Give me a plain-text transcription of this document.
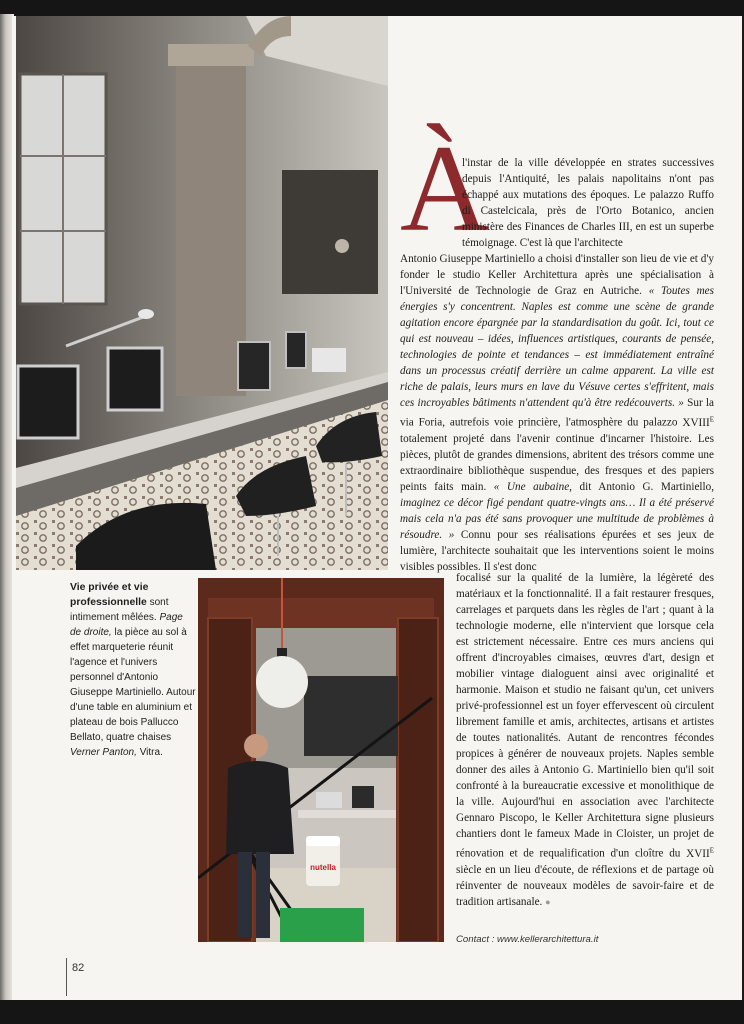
nutella
Vie privée et vie professionnelle sont intimement mêlées. Page de droite, la pièce au sol à effet marqueterie réunit l'agence et l'univers personnel d'Antonio Giuseppe Martiniello. Autour d'une table en aluminium et plateau de bois Pallucco Bellato, quatre chaises Verner Panton, Vitra.
À
l'instar de la ville développée en strates successives depuis l'Antiquité, les palais napolitains n'ont pas échappé aux mutations des époques. Le palazzo Ruffo di Castelcicala, près de l'Orto Botanico, ancien ministère des Finances de Charles III, en est un superbe témoignage. C'est là que l'architecte
Antonio Giuseppe Martiniello a choisi d'installer son lieu de vie et d'y fonder le studio Keller Architettura après une spécialisation à l'Université de Technologie de Graz en Autriche. « Toutes mes énergies s'y concentrent. Naples est comme une scène de grande agitation encore épargnée par la standardisation du goût. Ici, tout ce qui est nouveau – idées, influences artistiques, courants de pensée, technologies de pointe et tendances – est immédiatement entraîné dans un processus créatif derrière un calme apparent. La ville est riche de palais, leurs murs en lave du Vésuve certes s'effritent, mais ces incroyables bâtiments n'attendent qu'à être redécouverts. » Sur la via Foria, autrefois voie princière, l'atmosphère du palazzo XVIIIe totalement projeté dans l'avenir continue d'incarner l'histoire. Les pièces, plutôt de grandes dimensions, abritent des trésors comme une extraordinaire bibliothèque suspendue, des fresques et des papiers peints faits main. « Une aubaine, dit Antonio G. Martiniello, imaginez ce décor figé pendant quatre-vingts ans… Il a été préservé mais cela n'a pas été sans provoquer une multitude de problèmes à résoudre. » Connu pour ses réalisations épurées et ses jeux de lumière, l'architecte souhaitait que les interventions soient le moins visibles possibles. Il s'est donc
focalisé sur la qualité de la lumière, la légèreté des matériaux et la fonctionnalité. Il a fait restaurer fresques, carrelages et parquets dans les règles de l'art ; quant à la technologie moderne, elle n'intervient que lorsque cela est strictement nécessaire. Entre ces murs anciens qui offrent d'incroyables cimaises, œuvres d'art, design et mobilier vintage dialoguent ainsi avec originalité et harmonie. Maison et studio ne faisant qu'un, cet univers privé-professionnel est un foyer effervescent où circulent librement famille et amis, architectes, artisans et artistes de toutes nationalités. Autant de rencontres fécondes propices à générer de nouveaux projets. Naples semble donner des ailes à Antonio G. Martiniello bien qu'il soit confronté à la bureaucratie excessive et monolithique de la ville. Aujourd'hui en association avec l'architecte Gennaro Piscopo, le Keller Architettura signe plusieurs chantiers dont le fameux Made in Cloister, un projet de rénovation et de requalification d'un cloître du XVIIe siècle en un lieu d'écoute, de réflexions et de partage où réinventer de nouveaux modèles de savoir-faire et de tradition artisanale. ●
Contact : www.kellerarchitettura.it
82
